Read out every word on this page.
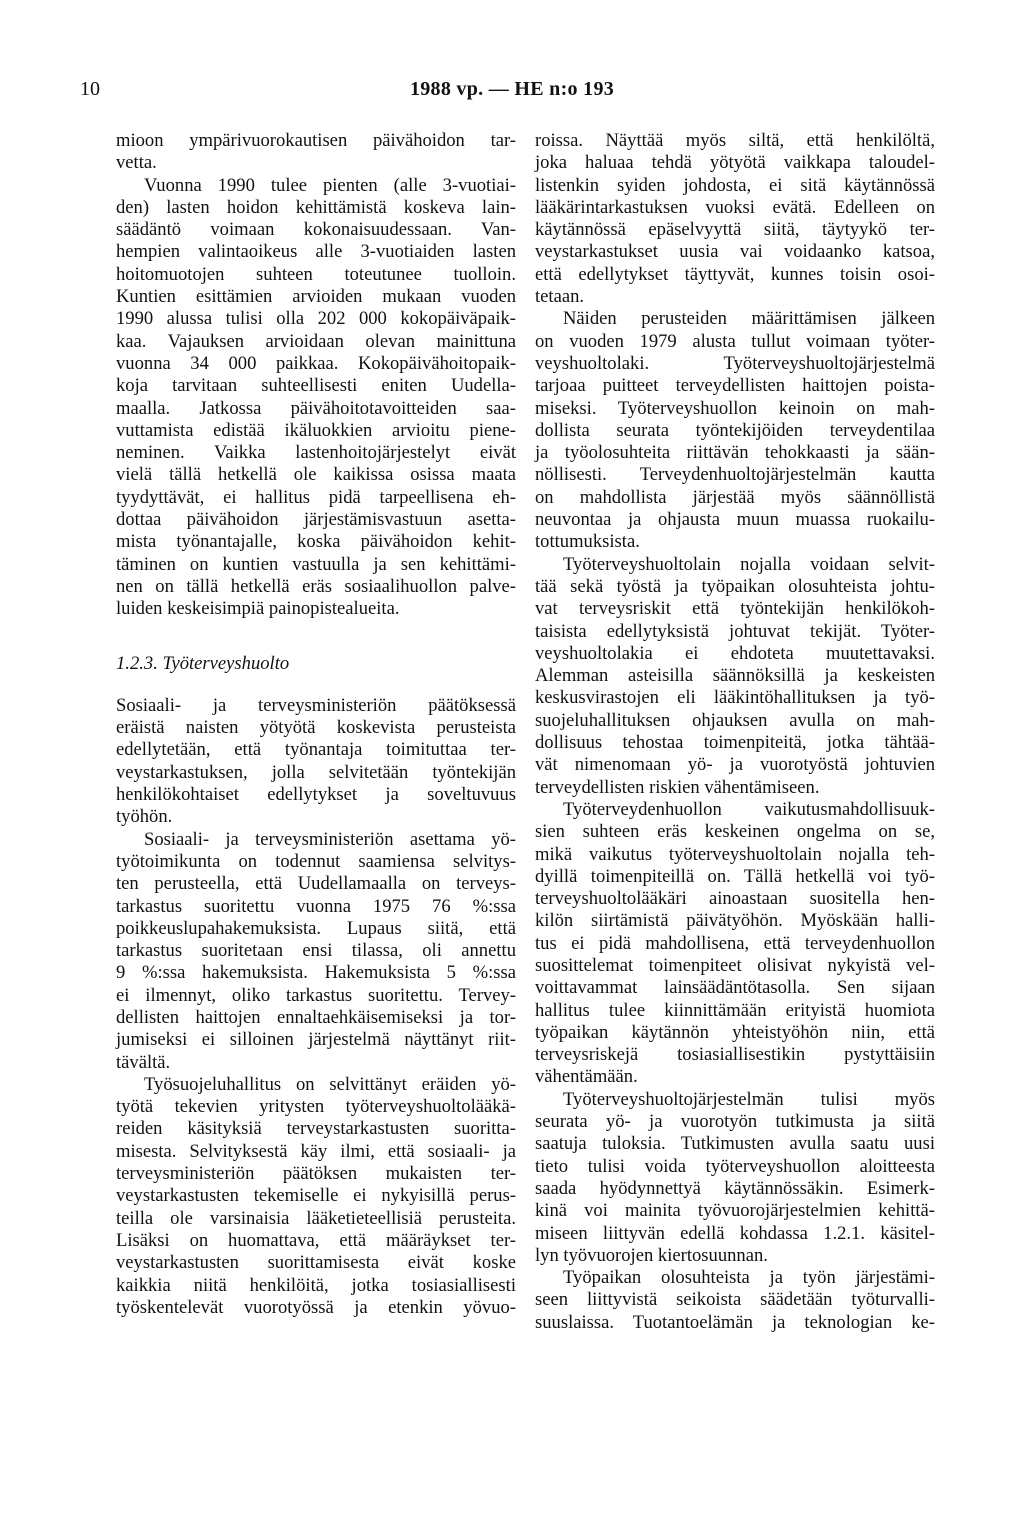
10	1988 vp. — HE n:o 193
mioon ympärivuorokautisen päivähoidon tar-
vetta.
Vuonna 1990 tulee pienten (alle 3-vuotiai-
den) lasten hoidon kehittämistä koskeva lain-
säädäntö voimaan kokonaisuudessaan. Van-
hempien valintaoikeus alle 3-vuotiaiden lasten
hoitomuotojen suhteen toteutunee tuolloin.
Kuntien esittämien arvioiden mukaan vuoden
1990 alussa tulisi olla 202 000 kokopäiväpaik-
kaa. Vajauksen arvioidaan olevan mainittuna
vuonna 34 000 paikkaa. Kokopäivähoitopaik-
koja tarvitaan suhteellisesti eniten Uudella-
maalla. Jatkossa päivähoitotavoitteiden saa-
vuttamista edistää ikäluokkien arvioitu piene-
neminen. Vaikka lastenhoitojärjestelyt eivät
vielä tällä hetkellä ole kaikissa osissa maata
tyydyttävät, ei hallitus pidä tarpeellisena eh-
dottaa päivähoidon järjestämisvastuun asetta-
mista työnantajalle, koska päivähoidon kehit-
täminen on kuntien vastuulla ja sen kehittämi-
nen on tällä hetkellä eräs sosiaalihuollon palve-
luiden keskeisimpiä painopistealueita.
1.2.3. Työterveyshuolto
Sosiaali- ja terveysministeriön päätöksessä
eräistä naisten yötyötä koskevista perusteista
edellytetään, että työnantaja toimituttaa ter-
veystarkastuksen, jolla selvitetään työntekijän
henkilökohtaiset edellytykset ja soveltuvuus
työhön.
Sosiaali- ja terveysministeriön asettama yö-
työtoimikunta on todennut saamiensa selvitys-
ten perusteella, että Uudellamaalla on terveys-
tarkastus suoritettu vuonna 1975 76 %:ssa
poikkeuslupahakemuksista. Lupaus siitä, että
tarkastus suoritetaan ensi tilassa, oli annettu
9 %:ssa hakemuksista. Hakemuksista 5 %:ssa
ei ilmennyt, oliko tarkastus suoritettu. Tervey-
dellisten haittojen ennaltaehkäisemiseksi ja tor-
jumiseksi ei silloinen järjestelmä näyttänyt riit-
tävältä.
Työsuojeluhallitus on selvittänyt eräiden yö-
työtä tekevien yritysten työterveyshuoltolääkä-
reiden käsityksiä terveystarkastusten suoritta-
misesta. Selvityksestä käy ilmi, että sosiaali- ja
terveysministeriön päätöksen mukaisten ter-
veystarkastusten tekemiselle ei nykyisillä perus-
teilla ole varsinaisia lääketieteellisiä perusteita.
Lisäksi on huomattava, että määräykset ter-
veystarkastusten suorittamisesta eivät koske
kaikkia niitä henkilöitä, jotka tosiasiallisesti
työskentelevät vuorotyössä ja etenkin yövuo-
roissa. Näyttää myös siltä, että henkilöltä,
joka haluaa tehdä yötyötä vaikkapa taloudel-
listenkin syiden johdosta, ei sitä käytännössä
lääkärintarkastuksen vuoksi evätä. Edelleen on
käytännössä epäselvyyttä siitä, täytyykö ter-
veystarkastukset uusia vai voidaanko katsoa,
että edellytykset täyttyvät, kunnes toisin osoi-
tetaan.
Näiden perusteiden määrittämisen jälkeen
on vuoden 1979 alusta tullut voimaan työter-
veyshuoltolaki. Työterveyshuoltojärjestelmä
tarjoaa puitteet terveydellisten haittojen poista-
miseksi. Työterveyshuollon keinoin on mah-
dollista seurata työntekijöiden terveydentilaa
ja työolosuhteita riittävän tehokkaasti ja sään-
nöllisesti. Terveydenhuoltojärjestelmän kautta
on mahdollista järjestää myös säännöllistä
neuvontaa ja ohjausta muun muassa ruokailu-
tottumuksista.
Työterveyshuoltolain nojalla voidaan selvit-
tää sekä työstä ja työpaikan olosuhteista johtu-
vat terveysriskit että työntekijän henkilökoh-
taisista edellytyksistä johtuvat tekijät. Työter-
veyshuoltolakia ei ehdoteta muutettavaksi.
Alemman asteisilla säännöksillä ja keskeisten
keskusvirastojen eli lääkintöhallituksen ja työ-
suojeluhallituksen ohjauksen avulla on mah-
dollisuus tehostaa toimenpiteitä, jotka tähtää-
vät nimenomaan yö- ja vuorotyöstä johtuvien
terveydellisten riskien vähentämiseen.
Työterveydenhuollon vaikutusmahdollisuuk-
sien suhteen eräs keskeinen ongelma on se,
mikä vaikutus työterveyshuoltolain nojalla teh-
dyillä toimenpiteillä on. Tällä hetkellä voi työ-
terveyshuoltolääkäri ainoastaan suositella hen-
kilön siirtämistä päivätyöhön. Myöskään halli-
tus ei pidä mahdollisena, että terveydenhuollon
suosittelemat toimenpiteet olisivat nykyistä vel-
voittavammat lainsäädäntötasolla. Sen sijaan
hallitus tulee kiinnittämään erityistä huomiota
työpaikan käytännön yhteistyöhön niin, että
terveysriskejä tosiasiallisestikin pystyttäisiin
vähentämään.
Työterveyshuoltojärjestelmän tulisi myös
seurata yö- ja vuorotyön tutkimusta ja siitä
saatuja tuloksia. Tutkimusten avulla saatu uusi
tieto tulisi voida työterveyshuollon aloitteesta
saada hyödynnettyä käytännössäkin. Esimerk-
kinä voi mainita työvuorojärjestelmien kehittä-
miseen liittyvän edellä kohdassa 1.2.1. käsitel-
lyn työvuorojen kiertosuunnan.
Työpaikan olosuhteista ja työn järjestämi-
seen liittyvistä seikoista säädetään työturvalli-
suuslaissa. Tuotantoelämän ja teknologian ke-
